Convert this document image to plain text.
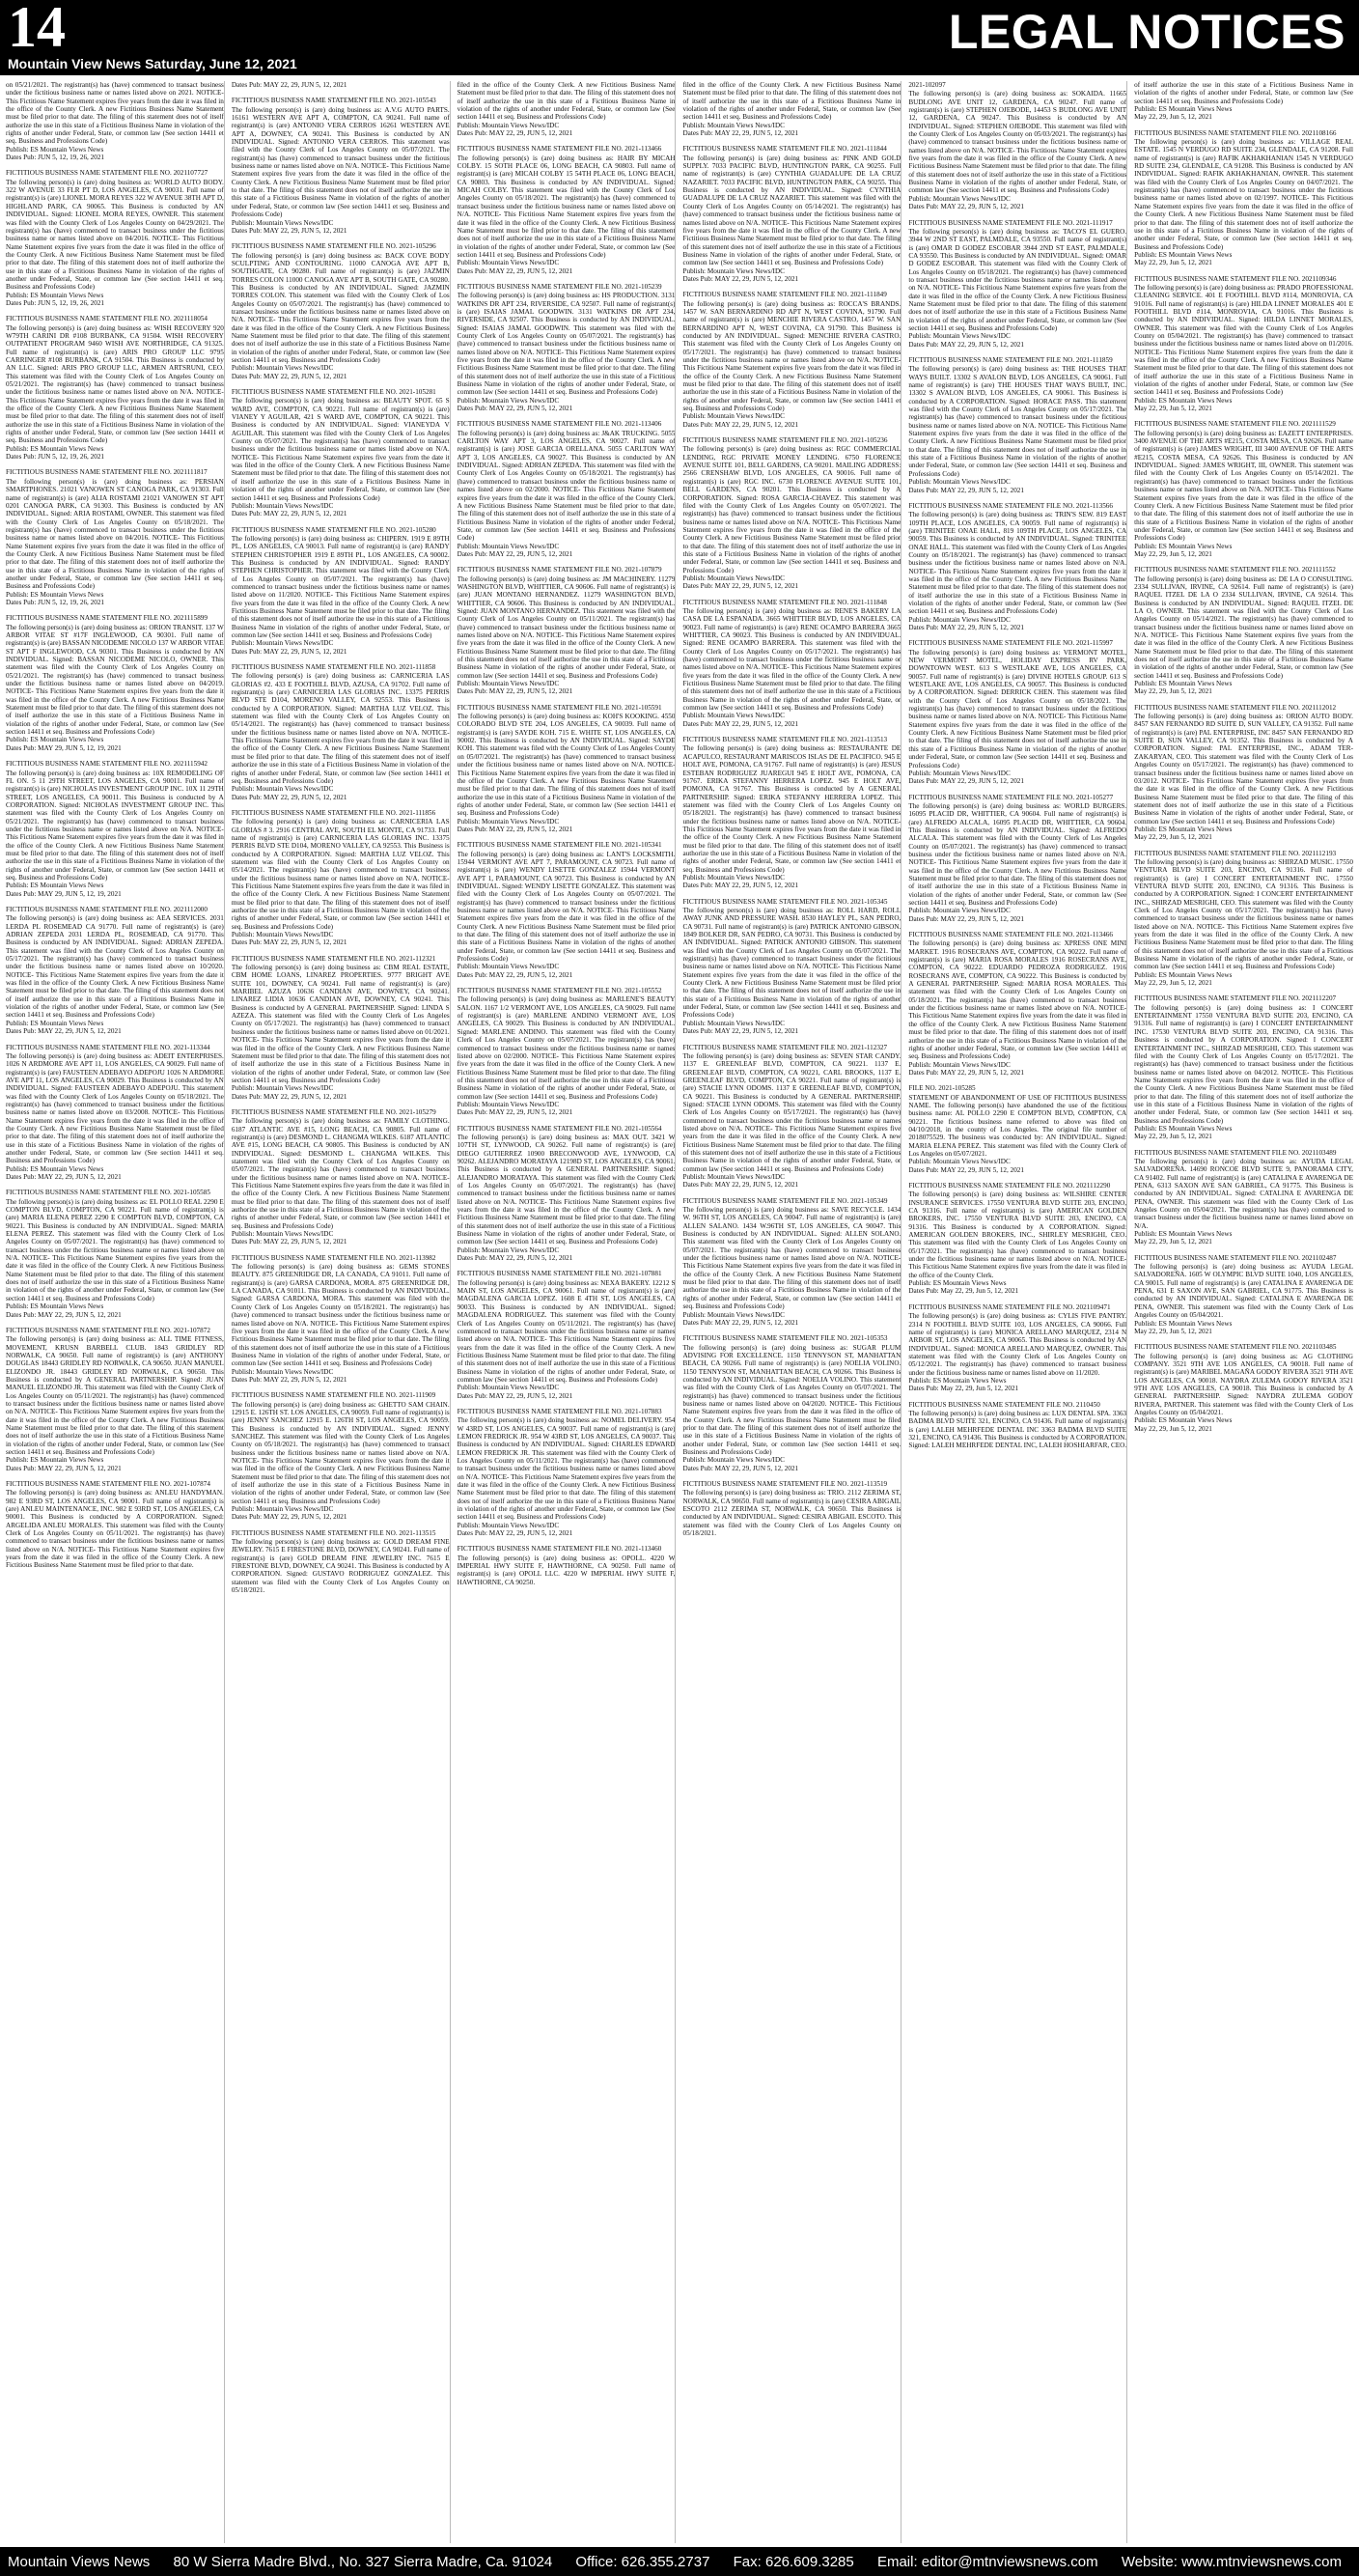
14	LEGAL NOTICES
Mountain View News Saturday, June 12, 2021
on 05/21/2021. The registrant(s) has (have) commenced to transact business under the fictitious business name or names listed above on 2021. NOTICE- This Fictitious Name Statement expires five years from the date it was filed in the office of the County Clerk. A new Fictitious Business Name Statement must be filed prior to that date. The filing of this statement does not of itself authorize the use in this state of a Fictitious Business Name in violation of the rights of another under Federal, State, or common law (See section 14411 et seq. Business and Professions Code)
Publish: ES Mountain Views News
Dates Pub: JUN 5, 12, 19, 26, 2021
FICTITIOUS BUSINESS NAME STATEMENT FILE NO. 2021107727
The following person(s) is (are) doing business as: WORLD AUTO BODY. 322 W AVENUE 33 FLR PT D, LOS ANGELES, CA 90031. Full name of registrant(s) is (are) LIONEL MORA REYES 322 W AVENUE 38TH APT D, HIGHLAND PARK, CA 90065. This Business is conducted by AN INDIVIDUAL. Signed: LIONEL MORA REYES, OWNER. This statement was filed with the County Clerk of Los Angeles County on 04/29/2021. The registrant(s) has (have) commenced to transact business under the fictitious business name or names listed above on 04/2016. NOTICE- This Fictitious Name Statement expires five years from the date it was filed in the office of the County Clerk. A new Fictitious Business Name Statement must be filed prior to that date. The filing of this statement does not of itself authorize the use in this state of a Fictitious Business Name in violation of the rights of another under Federal, State, or common law (See section 14411 et seq. Business and Professions Code)
Publish: ES Mountain Views News
Dates Pub: JUN 5, 12, 19, 26, 2021
FICTITIOUS BUSINESS NAME STATEMENT FILE NO. 2021118054
The following person(s) is (are) doing business as: WISH RECOVERY 920 W79TH CARINI DR #108 BURBANK, CA 91504. WISH RECOVERY OUTPATIENT PROGRAM 9460 WISH AVE NORTHRIDGE, CA 91325. Full name of registrant(s) is (are) ARIS PRO GROUP LLC 9795 CARRINGER #108 BURBANK, CA 91504. This Business is conducted by AN LLC. Signed: ARIS PRO GROUP LLC, ARMEN ARTSRUNI, CEO. This statement was filed with the County Clerk of Los Angeles County on 05/21/2021. The registrant(s) has (have) commenced to transact business under the fictitious business name or names listed above on N/A. NOTICE- This Fictitious Name Statement expires five years from the date it was filed in the office of the County Clerk. A new Fictitious Business Name Statement must be filed prior to that date. The filing of this statement does not of itself authorize the use in this state of a Fictitious Business Name in violation of the rights of another under Federal, State, or common law (See section 14411 et seq. Business and Professions Code)
Publish: ES Mountain Views News
Dates Pub: JUN 5, 12, 19, 26, 2021
FICTITIOUS BUSINESS NAME STATEMENT FILE NO. 2021111817
The following person(s) is (are) doing business as: PERSIAN SMARTPHONES. 21021 VANOWEN ST CANOGA PARK, CA 91303. Full name of registrant(s) is (are) ALIA ROSTAMI 21021 VANOWEN ST APT 0201 CANOGA PARK, CA 91303. This Business is conducted by AN INDIVIDUAL. Signed: ARIA ROSTAMI, OWNER. This statement was filed with the County Clerk of Los Angeles County on 05/18/2021. The registrant(s) has (have) commenced to transact business under the fictitious business name or names listed above on 04/2016. NOTICE- This Fictitious Name Statement expires five years from the date it was filed in the office of the County Clerk. A new Fictitious Business Name Statement must be filed prior to that date. The filing of this statement does not of itself authorize the use in this state of a Fictitious Business Name in violation of the rights of another under Federal, State, or common law (See section 14411 et seq. Business and Professions Code)
Publish: ES Mountain Views News
Dates Pub: JUN 5, 12, 19, 26, 2021
FICTITIOUS BUSINESS NAME STATEMENT FILE NO. 2021115899
The following person(s) is (are) doing business as: ORION TRANSIT. 137 W ARBOR VITAE ST #17F INGLEWOOD, CA 90301. Full name of registrant(s) is (are) BASSAN NICODEME NICOLO 137 W ARBOR VITAE ST APT F INGLEWOOD, CA 90301. This Business is conducted by AN INDIVIDUAL. Signed: BASSAN NICODEME NICOLO, OWNER. This statement was filed with the County Clerk of Los Angeles County on 05/21/2021. The registrant(s) has (have) commenced to transact business under the fictitious business name or names listed above on 04/2019. NOTICE- This Fictitious Name Statement expires five years from the date it was filed in the office of the County Clerk. A new Fictitious Business Name Statement must be filed prior to that date. The filing of this statement does not of itself authorize the use in this state of a Fictitious Business Name in violation of the rights of another under Federal, State, or common law (See section 14411 et seq. Business and Professions Code)
Publish: ES Mountain Views News
Dates Pub: MAY 29, JUN 5, 12, 19, 2021
FICTITIOUS BUSINESS NAME STATEMENT FILE NO. 2021115942
The following person(s) is (are) doing business as: 10X REMODELING OF FL ON. 5 11 29TH STREET, LOS ANGELES, CA 90011. Full name of registrant(s) is (are) NICHOLAS INVESTMENT GROUP INC. 10X 11 29TH STREET, LOS ANGELES, CA 90011. This Business is conducted by A CORPORATION. Signed: NICHOLAS INVESTMENT GROUP INC. This statement was filed with the County Clerk of Los Angeles County on 05/21/2021. The registrant(s) has (have) commenced to transact business under the fictitious business name or names listed above on N/A. NOTICE- This Fictitious Name Statement expires five years from the date it was filed in the office of the County Clerk. A new Fictitious Business Name Statement must be filed prior to that date. The filing of this statement does not of itself authorize the use in this state of a Fictitious Business Name in violation of the rights of another under Federal, State, or common law (See section 14411 et seq. Business and Professions Code)
Publish: ES Mountain Views News
Dates Pub: MAY 29, JUN 5, 12, 19, 2021
FICTITIOUS BUSINESS NAME STATEMENT FILE NO. 2021112000
The following person(s) is (are) doing business as: AEA SERVICES. 2031 LERDA PL ROSEMEAD CA 91770. Full name of registrant(s) is (are) ADRIAN ZEPEDA 2031 LERDA PL, ROSEMEAD, CA 91770. This Business is conducted by AN INDIVIDUAL. Signed: ADRIAN ZEPEDA. This statement was filed with the County Clerk of Los Angeles County on 05/17/2021. The registrant(s) has (have) commenced to transact business under the fictitious business name or names listed above on 10/2020. NOTICE- This Fictitious Name Statement expires five years from the date it was filed in the office of the County Clerk. A new Fictitious Business Name Statement must be filed prior to that date. The filing of this statement does not of itself authorize the use in this state of a Fictitious Business Name in violation of the rights of another under Federal, State, or common law (See section 14411 et seq. Business and Professions Code)
Publish: ES Mountain Views News
Dates Pub: MAY 22, 29, JUN 5, 12, 2021
FICTITIOUS BUSINESS NAME STATEMENT FILE NO. 2021-113344
The following person(s) is (are) doing business as: ADEIT ENTERPRISES. 1026 N ARDMORE AVE APT 11, LOS ANGELES, CA 90029. Full name of registrant(s) is (are) FAUSTEEN ADEBAYO ADEPOJU 1026 N ARDMORE AVE APT 11, LOS ANGELES, CA 90029. This Business is conducted by AN INDIVIDUAL. Signed: FAUSTEEN ADEBAYO ADEPOJU. This statement was filed with the County Clerk of Los Angeles County on 05/18/2021. The registrant(s) has (have) commenced to transact business under the fictitious business name or names listed above on 03/2008. NOTICE- This Fictitious Name Statement expires five years from the date it was filed in the office of the County Clerk. A new Fictitious Business Name Statement must be filed prior to that date. The filing of this statement does not of itself authorize the use in this state of a Fictitious Business Name in violation of the rights of another under Federal, State, or common law (See section 14411 et seq. Business and Professions Code)
Publish: ES Mountain Views News
Dates Pub: MAY 22, 29, JUN 5, 12, 2021
FICTITIOUS BUSINESS NAME STATEMENT FILE NO. 2021-105585
The following person(s) is (are) doing business as: EL POLLO REAL 2290 E COMPTON BLVD, COMPTON, CA 90221. Full name of registrant(s) is (are) MARIA ELENA PEREZ 2290 E COMPTON BLVD, COMPTON, CA 90221. This Business is conducted by AN INDIVIDUAL. Signed: MARIA ELENA PEREZ. This statement was filed with the County Clerk of Los Angeles County on 05/07/2021. The registrant(s) has (have) commenced to transact business under the fictitious business name or names listed above on N/A. NOTICE- This Fictitious Name Statement expires five years from the date it was filed in the office of the County Clerk. A new Fictitious Business Name Statement must be filed prior to that date. The filing of this statement does not of itself authorize the use in this state of a Fictitious Business Name in violation of the rights of another under Federal, State, or common law (See section 14411 et seq. Business and Professions Code)
Publish: ES Mountain Views News
Dates Pub: MAY 22, 29, JUN 5, 12, 2021
FICTITIOUS BUSINESS NAME STATEMENT FILE NO. 2021-107872
The following person(s) is (are) doing business as: ALL TIME FITNESS, MOVEMENT, KRUSN BARBELL CLUB. 1843 GRIDLEY RD NORWALK, CA 90650. Full name of registrant(s) is (are) ANTHONY DOUGLAS 18443 GRIDLEY RD NORWALK, CA 90650. JUAN MANUEL ELIZONDO JR. 18443 GRIDLEY RD NORWALK, CA 90650. This Business is conducted by A GENERAL PARTNERSHIP. Signed: JUAN MANUEL ELIZONDO JR. This statement was filed with the County Clerk of Los Angeles County on 05/11/2021. The registrant(s) has (have) commenced to transact business under the fictitious business name or names listed above on N/A. NOTICE- This Fictitious Name Statement expires five years from the date it was filed in the office of the County Clerk. A new Fictitious Business Name Statement must be filed prior to that date. The filing of this statement does not of itself authorize the use in this state of a Fictitious Business Name in violation of the rights of another under Federal, State, or common law (See section 14411 et seq. Business and Professions Code)
Publish: ES Mountain Views News
Dates Pub: MAY 22, 29, JUN 5, 12, 2021
FICTITIOUS BUSINESS NAME STATEMENT FILE NO. 2021-107874
The following person(s) is (are) doing business as: ANLEU HANDYMAN. 982 E 93RD ST, LOS ANGELES, CA 90001. Full name of registrant(s) is (are) ANLEU MAINTENANCE, INC. 982 E 93RD ST, LOS ANGELES, CA 90001. This Business is conducted by A CORPORATION. Signed: ARGELIDA ANLEU MORALES. This statement was filed with the County Clerk of Los Angeles County on 05/11/2021. The registrant(s) has (have) commenced to transact business under the fictitious business name or names listed above on N/A. NOTICE- This Fictitious Name Statement expires five years from the date it was filed in the office of the County Clerk. A new Fictitious Business Name Statement must be filed prior to that date.
Dates Pub: MAY 22, 29, JUN 5, 12, 2021
FICTITIOUS BUSINESS NAME STATEMENT FILE NO. 2021-105543
The following person(s) is (are) doing business as: A.V.G AUTO PARTS. 16161 WESTERN AVE APT A, COMPTON, CA 90241. Full name of registrant(s) is (are) ANTONIO VERA CERROS 16261 WESTERN AVE APT A, DOWNEY, CA 90241. This Business is conducted by AN INDIVIDUAL. Signed: ANTONIO VERA CERROS. This statement was filed with the County Clerk of Los Angeles County on 05/07/2021. The registrant(s) has (have) commenced to transact business under the fictitious business name or names listed above on N/A. NOTICE- This Fictitious Name Statement expires five years from the date it was filed in the office of the County Clerk. A new Fictitious Business Name Statement must be filed prior to that date. The filing of this statement does not of itself authorize the use in this state of a Fictitious Business Name in violation of the rights of another under Federal, State, or common law (See section 14411 et seq. Business and Professions Code)
Publish: Mountain Views News/IDC
Dates Pub: MAY 22, 29, JUN 5, 12, 2021
FICTITIOUS BUSINESS NAME STATEMENT FILE NO. 2021-105296
The following person(s) is (are) doing business as: BACK COVE BODY SCULPTING AND CONTOURING. 11000 CANOGA AVE APT B, SOUTHGATE, CA 90280. Full name of registrant(s) is (are) JAZMIN TORRES COLON 11000 CANOGA AVE APT B, SOUTH GATE, CA 90280. This Business is conducted by AN INDIVIDUAL. Signed: JAZMIN TORRES COLON. This statement was filed with the County Clerk of Los Angeles County on 05/07/2021. The registrant(s) has (have) commenced to transact business under the fictitious business name or names listed above on N/A. NOTICE- This Fictitious Name Statement expires five years from the date it was filed in the office of the County Clerk. A new Fictitious Business Name Statement must be filed prior to that date. The filing of this statement does not of itself authorize the use in this state of a Fictitious Business Name in violation of the rights of another under Federal, State, or common law (See section 14411 et seq. Business and Professions Code)
Publish: Mountain Views News/IDC
Dates Pub: MAY 22, 29, JUN 5, 12, 2021
FICTITIOUS BUSINESS NAME STATEMENT FILE NO. 2021-105281
The following person(s) is (are) doing business as: BEAUTY SPOT. 65 S WARD AVE, COMPTON, CA 90221. Full name of registrant(s) is (are) VIANEY Y AGUILAR, 421 S WARD AVE, COMPTON, CA 90221. This Business is conducted by AN INDIVIDUAL. Signed: VIANEYDA V AGUILAR. This statement was filed with the County Clerk of Los Angeles County on 05/07/2021. The registrant(s) has (have) commenced to transact business under the fictitious business name or names listed above on N/A. NOTICE- This Fictitious Name Statement expires five years from the date it was filed in the office of the County Clerk. A new Fictitious Business Name Statement must be filed prior to that date. The filing of this statement does not of itself authorize the use in this state of a Fictitious Business Name in violation of the rights of another under Federal, State, or common law (See section 14411 et seq. Business and Professions Code)
Publish: Mountain Views News/IDC
Dates Pub: MAY 22, 29, JUN 5, 12, 2021
FICTITIOUS BUSINESS NAME STATEMENT FILE NO. 2021-105280
The following person(s) is (are) doing business as: CHIPERN. 1919 E 89TH PL, LOS ANGELES, CA 90013. Full name of registrant(s) is (are) RANDY STEPHEN CHRISTOPHER 1919 E 89TH PL, LOS ANGELES, CA 90002. This Business is conducted by AN INDIVIDUAL. Signed: RANDY STEPHEN CHRISTOPHER. This statement was filed with the County Clerk of Los Angeles County on 05/07/2021. The registrant(s) has (have) commenced to transact business under the fictitious business name or names listed above on 11/2020. NOTICE- This Fictitious Name Statement expires five years from the date it was filed in the office of the County Clerk. A new Fictitious Business Name Statement must be filed prior to that date. The filing of this statement does not of itself authorize the use in this state of a Fictitious Business Name in violation of the rights of another under Federal, State, or common law (See section 14411 et seq. Business and Professions Code)
Publish: Mountain Views News/IDC
Dates Pub: MAY 22, 29, JUN 5, 12, 2021
FICTITIOUS BUSINESS NAME STATEMENT FILE NO. 2021-111858
The following person(s) is (are) doing business as: CARNICERIA LAS GLORIAS #2. 433 E FOOTHILL BLVD, AZUSA, CA 91702. Full name of registrant(s) is (are) CARNICERIA LAS GLORIAS INC. 13375 PERRIS BLVD STE D104, MORENO VALLEY, CA 92553. This Business is conducted by A CORPORATION. Signed: MARTHA LUZ VELOZ. This statement was filed with the County Clerk of Los Angeles County on 05/14/2021. The registrant(s) has (have) commenced to transact business under the fictitious business name or names listed above on N/A. NOTICE- This Fictitious Name Statement expires five years from the date it was filed in the office of the County Clerk. A new Fictitious Business Name Statement must be filed prior to that date. The filing of this statement does not of itself authorize the use in this state of a Fictitious Business Name in violation of the rights of another under Federal, State, or common law (See section 14411 et seq. Business and Professions Code)
Publish: Mountain Views News/IDC
Dates Pub: MAY 22, 29, JUN 5, 12, 2021
FICTITIOUS BUSINESS NAME STATEMENT FILE NO. 2021-111856
The following person(s) is (are) doing business as: CARNICERIA LAS GLORIAS # 3. 2916 CENTRAL AVE, SOUTH EL MONTE, CA 91733. Full name of registrant(s) is (are) CARNICERIA LAS GLORIAS INC. 13375 PERRIS BLVD STE D104, MORENO VALLEY, CA 92553. This Business is conducted by A CORPORATION. Signed: MARTHA LUZ VELOZ. This statement was filed with the County Clerk of Los Angeles County on 05/14/2021. The registrant(s) has (have) commenced to transact business under the fictitious business name or names listed above on N/A. NOTICE- This Fictitious Name Statement expires five years from the date it was filed in the office of the County Clerk. A new Fictitious Business Name Statement must be filed prior to that date. The filing of this statement does not of itself authorize the use in this state of a Fictitious Business Name in violation of the rights of another under Federal, State, or common law (See section 14411 et seq. Business and Professions Code)
Publish: Mountain Views News/IDC
Dates Pub: MAY 22, 29, JUN 5, 12, 2021
FICTITIOUS BUSINESS NAME STATEMENT FILE NO. 2021-112321
The following person(s) is (are) doing business as: CBM REAL ESTATE, CBM HOME LOANS, LINAREZ PROPERTIES. 9777 BRIGHT AVE SUITE 101, DOWNEY, CA 90241. Full name of registrant(s) is (are) MARIBEL AZUZA 10636 CANDIAN AVE, DOWNEY, CA 90241. LINAREZ LIDIA 10636 CANDIAN AVE, DOWNEY, CA 90241. This Business is conducted by A GENERAL PARTNERSHIP. Signed: LINDA S AZEZA. This statement was filed with the County Clerk of Los Angeles County on 05/17/2021. The registrant(s) has (have) commenced to transact business under the fictitious business name or names listed above on 01/2021. NOTICE- This Fictitious Name Statement expires five years from the date it was filed in the office of the County Clerk. A new Fictitious Business Name Statement must be filed prior to that date. The filing of this statement does not of itself authorize the use in this state of a Fictitious Business Name in violation of the rights of another under Federal, State, or common law (See section 14411 et seq. Business and Professions Code)
Publish: Mountain Views News/IDC
Dates Pub: MAY 22, 29, JUN 5, 12, 2021
FICTITIOUS BUSINESS NAME STATEMENT FILE NO. 2021-105279
The following person(s) is (are) doing business as: FAMILY CLOTHING. 6187 ATLANTIC AVE #15, LONG BEACH, CA 90805. Full name of registrant(s) is (are) DESMOND L. CHANGMA WILKES. 6187 ATLANTIC AVE #15, LONG BEACH, CA 90805. This Business is conducted by AN INDIVIDUAL. Signed: DESMOND L. CHANGMA WILKES. This statement was filed with the County Clerk of Los Angeles County on 05/07/2021. The registrant(s) has (have) commenced to transact business under the fictitious business name or names listed above on N/A. NOTICE- This Fictitious Name Statement expires five years from the date it was filed in the office of the County Clerk. A new Fictitious Business Name Statement must be filed prior to that date. The filing of this statement does not of itself authorize the use in this state of a Fictitious Business Name in violation of the rights of another under Federal, State, or common law (See section 14411 et seq. Business and Professions Code)
Publish: Mountain Views News/IDC
Dates Pub: MAY 22, 29, JUN 5, 12, 2021
FICTITIOUS BUSINESS NAME STATEMENT FILE NO. 2021-113982
The following person(s) is (are) doing business as: GEMS STONES BEAUTY. 875 GREENRIDGE DR, LA CANADA, CA 91011. Full name of registrant(s) is (are) GARSA CARDONA, MORA. 875 GREENRIDGE DR, LA CANADA, CA 91011. This Business is conducted by AN INDIVIDUAL. Signed: GARSA CARDONA, MORA. This statement was filed with the County Clerk of Los Angeles County on 05/18/2021. The registrant(s) has (have) commenced to transact business under the fictitious business name or names listed above on N/A. NOTICE- This Fictitious Name Statement expires five years from the date it was filed in the office of the County Clerk. A new Fictitious Business Name Statement must be filed prior to that date. The filing of this statement does not of itself authorize the use in this state of a Fictitious Business Name in violation of the rights of another under Federal, State, or common law (See section 14411 et seq. Business and Professions Code)
Publish: Mountain Views News/IDC
Dates Pub: MAY 22, 29, JUN 5, 12, 2021
FICTITIOUS BUSINESS NAME STATEMENT FILE NO. 2021-111909
The following person(s) is (are) doing business as: GHETTO SAM CHAIN. 12915 E. 126TH ST. LOS ANGELES, CA 90059. Full name of registrant(s) is (are) JENNY SANCHEZ 12915 E. 126TH ST, LOS ANGELES, CA 90059. This Business is conducted by AN INDIVIDUAL. Signed: JENNY SANCHEZ. This statement was filed with the County Clerk of Los Angeles County on 05/18/2021. The registrant(s) has (have) commenced to transact business under the fictitious business name or names listed above on N/A. NOTICE- This Fictitious Name Statement expires five years from the date it was filed in the office of the County Clerk. A new Fictitious Business Name Statement must be filed prior to that date. The filing of this statement does not of itself authorize the use in this state of a Fictitious Business Name in violation of the rights of another under Federal, State, or common law (See section 14411 et seq. Business and Professions Code)
Publish: Mountain Views News/IDC
Dates Pub: MAY 22, 29, JUN 5, 12, 2021
FICTITIOUS BUSINESS NAME STATEMENT FILE NO. 2021-113515
The following person(s) is (are) doing business as: GOLD DREAM FINE JEWELRY. 7615 E FIRESTONE BLVD, DOWNEY, CA 90241. Full name of registrant(s) is (are) GOLD DREAM FINE JEWELRY INC. 7615 E FIRESTONE BLVD, DOWNEY, CA 90241. This Business is conducted by A CORPORATION. Signed: GUSTAVO RODRIGUEZ GONZALEZ. This statement was filed with the County Clerk of Los Angeles County on 05/18/2021.
filed in the office of the County Clerk. A new Fictitious Business Name Statement must be filed prior to that date. The filing of this statement does not of itself authorize the use in this state of a Fictitious Business Name in violation of the rights of another under Federal, State, or common law (See section 14411 et seq. Business and Professions Code)
Publish: Mountain Views News/IDC
Dates Pub: MAY 22, 29, JUN 5, 12, 2021
FICTITIOUS BUSINESS NAME STATEMENT FILE NO. 2021-113466
The following person(s) is (are) doing business as: HAIR BY MICAH COLBY. 15 SOTH PLACE 06, LONG BEACH, CA 90803. Full name of registrant(s) is (are) MICAH COLBY 15 54TH PLACE 06, LONG BEACH, CA 90803. This Business is conducted by AN INDIVIDUAL. Signed: MICAH COLBY. This statement was filed with the County Clerk of Los Angeles County on 05/18/2021. The registrant(s) has (have) commenced to transact business under the fictitious business name or names listed above on N/A. NOTICE- This Fictitious Name Statement expires five years from the date it was filed in the office of the County Clerk. A new Fictitious Business Name Statement must be filed prior to that date. The filing of this statement does not of itself authorize the use in this state of a Fictitious Business Name in violation of the rights of another under Federal, State, or common law (See section 14411 et seq. Business and Professions Code)
Publish: Mountain Views News/IDC
Dates Pub: MAY 22, 29, JUN 5, 12, 2021
FICTITIOUS BUSINESS NAME STATEMENT FILE NO. 2021-105239
The following person(s) is (are) doing business as: HS PRODUCTION. 3131 WATKINS DR APT 234, RIVERSIDE, CA 92507. Full name of registrant(s) is (are) ISAIAS JAMAL GOODWIN. 3131 WATKINS DR APT 234, RIVERSIDE, CA 92507. This Business is conducted by AN INDIVIDUAL. Signed: ISAIAS JAMAL GOODWIN. This statement was filed with the County Clerk of Los Angeles County on 05/07/2021. The registrant(s) has (have) commenced to transact business under the fictitious business name or names listed above on N/A. NOTICE- This Fictitious Name Statement expires five years from the date it was filed in the office of the County Clerk. A new Fictitious Business Name Statement must be filed prior to that date. The filing of this statement does not of itself authorize the use in this state of a Fictitious Business Name in violation of the rights of another under Federal, State, or common law (See section 14411 et seq. Business and Professions Code)
Publish: Mountain Views News/IDC
Dates Pub: MAY 22, 29, JUN 5, 12, 2021
FICTITIOUS BUSINESS NAME STATEMENT FILE NO. 2021-113406
The following person(s) is (are) doing business as: J&AK TRUCKING. 5055 CARLTON WAY APT 3, LOS ANGELES, CA 90027. Full name of registrant(s) is (are) JOSE GARCIA ORELLANA. 5055 CARLTON WAY APT 3, LOS ANGELES, CA 90027. This Business is conducted by AN INDIVIDUAL. Signed: ADRIAN ZEPEDA. This statement was filed with the County Clerk of Los Angeles County on 05/18/2021. The registrant(s) has (have) commenced to transact business under the fictitious business name or names listed above on 02/2000. NOTICE- This Fictitious Name Statement expires five years from the date it was filed in the office of the County Clerk. A new Fictitious Business Name Statement must be filed prior to that date. The filing of this statement does not of itself authorize the use in this state of a Fictitious Business Name in violation of the rights of another under Federal, State, or common law (See section 14411 et seq. Business and Professions Code)
Publish: Mountain Views News/IDC
Dates Pub: MAY 22, 29, JUN 5, 12, 2021
FICTITIOUS BUSINESS NAME STATEMENT FILE NO. 2021-107879
The following person(s) is (are) doing business as: JM MACHINERY. 11279 WASHINGTON BLVD, WHITTIER, CA 90606. Full name of registrant(s) is (are) JUAN MONTANO HERNANDEZ. 11279 WASHINGTON BLVD, WHITTIER, CA 90606. This Business is conducted by AN INDIVIDUAL. Signed: JUAN MONTANO HERNANDEZ. This statement was filed with the County Clerk of Los Angeles County on 05/11/2021. The registrant(s) has (have) commenced to transact business under the fictitious business name or names listed above on N/A. NOTICE- This Fictitious Name Statement expires five years from the date it was filed in the office of the County Clerk. A new Fictitious Business Name Statement must be filed prior to that date. The filing of this statement does not of itself authorize the use in this state of a Fictitious Business Name in violation of the rights of another under Federal, State, or common law (See section 14411 et seq. Business and Professions Code)
Publish: Mountain Views News/IDC
Dates Pub: MAY 22, 29, JUN 5, 12, 2021
FICTITIOUS BUSINESS NAME STATEMENT FILE NO. 2021-105591
The following person(s) is (are) doing business as: KOH'S KOOKING. 4550 COLORADO BLVD STE 204, LOS ANGELES, CA 90039. Full name of registrant(s) is (are) SAYDE KOH. 715 E. WHITE ST, LOS ANGELES, CA 90002. This Business is conducted by AN INDIVIDUAL. Signed: SAYDE KOH. This statement was filed with the County Clerk of Los Angeles County on 05/07/2021. The registrant(s) has (have) commenced to transact business under the fictitious business name or names listed above on N/A. NOTICE- This Fictitious Name Statement expires five years from the date it was filed in the office of the County Clerk. A new Fictitious Business Name Statement must be filed prior to that date. The filing of this statement does not of itself authorize the use in this state of a Fictitious Business Name in violation of the rights of another under Federal, State, or common law (See section 14411 et seq. Business and Professions Code)
Publish: Mountain Views News/IDC
Dates Pub: MAY 22, 29, JUN 5, 12, 2021
FICTITIOUS BUSINESS NAME STATEMENT FILE NO. 2021-105341
The following person(s) is (are) doing business as: LANT'S LOCKSMITH. 15944 VERMONT AVE APT 7, PARAMOUNT, CA 90723. Full name of registrant(s) is (are) WENDY LISETTE GONZALEZ 15944 VERMONT AVE APT 1, PARAMOUNT, CA 90723. This Business is conducted by AN INDIVIDUAL. Signed: WENDY LISETTE GONZALEZ. This statement was filed with the County Clerk of Los Angeles County on 05/07/2021. The registrant(s) has (have) commenced to transact business under the fictitious business name or names listed above on N/A. NOTICE- This Fictitious Name Statement expires five years from the date it was filed in the office of the County Clerk. A new Fictitious Business Name Statement must be filed prior to that date. The filing of this statement does not of itself authorize the use in this state of a Fictitious Business Name in violation of the rights of another under Federal, State, or common law (See section 14411 et seq. Business and Professions Code)
Publish: Mountain Views News/IDC
Dates Pub: MAY 22, 29, JUN 5, 12, 2021
FICTITIOUS BUSINESS NAME STATEMENT FILE NO. 2021-105552
The following person(s) is (are) doing business as: MARLENE'S BEAUTY SALON. 1167 1/2 VERMONT AVE, LOS ANGELES, CA 90029. Full name of registrant(s) is (are) MARLENE ANDINO VERMONT AVE, LOS ANGELES, CA 90029. This Business is conducted by AN INDIVIDUAL. Signed: MARLENE ANDINO. This statement was filed with the County Clerk of Los Angeles County on 05/07/2021. The registrant(s) has (have) commenced to transact business under the fictitious business name or names listed above on 02/2000. NOTICE- This Fictitious Name Statement expires five years from the date it was filed in the office of the County Clerk. A new Fictitious Business Name Statement must be filed prior to that date. The filing of this statement does not of itself authorize the use in this state of a Fictitious Business Name in violation of the rights of another under Federal, State, or common law (See section 14411 et seq. Business and Professions Code)
Publish: Mountain Views News/IDC
Dates Pub: MAY 22, 29, JUN 5, 12, 2021
FICTITIOUS BUSINESS NAME STATEMENT FILE NO. 2021-105564
The following person(s) is (are) doing business as: MAX OUT. 3421 W 107TH ST, LYNWOOD, CA 90262. Full name of registrant(s) is (are) DIEGO GUTIERREZ 10900 BRECONWOOD AVE, LYNWOOD, CA 90262. ALEJANDRO MORATAYA 12198D ST, LOS ANGELES, CA 90061. This Business is conducted by A GENERAL PARTNERSHIP. Signed: ALEJANDRO MORATAYA. This statement was filed with the County Clerk of Los Angeles County on 05/07/2021. The registrant(s) has (have) commenced to transact business under the fictitious business name or names listed above on N/A. NOTICE- This Fictitious Name Statement expires five years from the date it was filed in the office of the County Clerk. A new Fictitious Business Name Statement must be filed prior to that date. The filing of this statement does not of itself authorize the use in this state of a Fictitious Business Name in violation of the rights of another under Federal, State, or common law (See section 14411 et seq. Business and Professions Code)
Publish: Mountain Views News/IDC
Dates Pub: MAY 22, 29, JUN 5, 12, 2021
FICTITIOUS BUSINESS NAME STATEMENT FILE NO. 2021-107881
The following person(s) is (are) doing business as: NEXA BAKERY. 12212 S MAIN ST, LOS ANGELES, CA 90061. Full name of registrant(s) is (are) MAGDALENA GARCIA LOPEZ. 1608 E 4TH ST, LOS ANGELES, CA 90033. This Business is conducted by AN INDIVIDUAL. Signed: MAGDALENA RODRIGUEZ. This statement was filed with the County Clerk of Los Angeles County on 05/11/2021. The registrant(s) has (have) commenced to transact business under the fictitious business name or names listed above on N/A. NOTICE- This Fictitious Name Statement expires five years from the date it was filed in the office of the County Clerk. A new Fictitious Business Name Statement must be filed prior to that date. The filing of this statement does not of itself authorize the use in this state of a Fictitious Business Name in violation of the rights of another under Federal, State, or common law (See section 14411 et seq. Business and Professions Code)
Publish: Mountain Views News/IDC
Dates Pub: MAY 22, 29, JUN 5, 12, 2021
FICTITIOUS BUSINESS NAME STATEMENT FILE NO. 2021-107883
The following person(s) is (are) doing business as: NOMEL DELIVERY. 954 W 43RD ST, LOS ANGELES, CA 90037. Full name of registrant(s) is (are) LEMON FREDRICK JR. 954 W 43RD ST, LOS ANGELES, CA 90037. This Business is conducted by AN INDIVIDUAL. Signed: CHARLES EDWARD LEMON FREDRICK JR. This statement was filed with the County Clerk of Los Angeles County on 05/11/2021. The registrant(s) has (have) commenced to transact business under the fictitious business name or names listed above on N/A. NOTICE- This Fictitious Name Statement expires five years from the date it was filed in the office of the County Clerk. A new Fictitious Business Name Statement must be filed prior to that date. The filing of this statement does not of itself authorize the use in this state of a Fictitious Business Name in violation of the rights of another under Federal, State, or common law (See section 14411 et seq. Business and Professions Code)
Publish: Mountain Views News/IDC
Dates Pub: MAY 22, 29, JUN 5, 12, 2021
FICTITIOUS BUSINESS NAME STATEMENT FILE NO. 2021-113460
The following person(s) is (are) doing business as: OPOLL. 4220 W IMPERIAL HWY SUITE F, HAWTHORNE, CA 90250. Full name of registrant(s) is (are) OPOLL LLC. 4220 W IMPERIAL HWY SUITE F, HAWTHORNE, CA 90250.
filed in the office of the County Clerk. A new Fictitious Business Name Statement must be filed prior to that date. The filing of this statement does not of itself authorize the use in this state of a Fictitious Business Name in violation of the rights of another under Federal, State, or common law (See section 14411 et seq. Business and Professions Code)
Publish: Mountain Views News/IDC
Dates Pub: MAY 22, 29, JUN 5, 12, 2021
FICTITIOUS BUSINESS NAME STATEMENT FILE NO. 2021-111844
The following person(s) is (are) doing business as: PINK AND GOLD SUPPLY. 7033 PACIFIC BLVD, HUNTINGTON PARK, CA 90255. Full name of registrant(s) is (are) CYNTHIA GUADALUPE DE LA CRUZ NAZARIET. 7033 PACIFIC BLVD, HUNTINGTON PARK, CA 90255. This Business is conducted by AN INDIVIDUAL. Signed: CYNTHIA GUADALUPE DE LA CRUZ NAZARIET. This statement was filed with the County Clerk of Los Angeles County on 05/14/2021. The registrant(s) has (have) commenced to transact business under the fictitious business name or names listed above on N/A. NOTICE- This Fictitious Name Statement expires five years from the date it was filed in the office of the County Clerk. A new Fictitious Business Name Statement must be filed prior to that date. The filing of this statement does not of itself authorize the use in this state of a Fictitious Business Name in violation of the rights of another under Federal, State, or common law (See section 14411 et seq. Business and Professions Code)
Publish: Mountain Views News/IDC
Dates Pub: MAY 22, 29, JUN 5, 12, 2021
FICTITIOUS BUSINESS NAME STATEMENT FILE NO. 2021-111849
The following person(s) is (are) doing business as: ROCCA'S BRANDS. 1457 W. SAN BERNARDINO RD APT N, WEST COVINA, 91790. Full name of registrant(s) is (are) MENCHIE RIVERA CASTRO, 1457 W. SAN BERNARDINO APT N, WEST COVINA, CA 91790. This Business is conducted by AN INDIVIDUAL. Signed: MENCHIE RIVERA CASTRO. This statement was filed with the County Clerk of Los Angeles County on 05/17/2021. The registrant(s) has (have) commenced to transact business under the fictitious business name or names listed above on N/A. NOTICE- This Fictitious Name Statement expires five years from the date it was filed in the office of the County Clerk. A new Fictitious Business Name Statement must be filed prior to that date. The filing of this statement does not of itself authorize the use in this state of a Fictitious Business Name in violation of the rights of another under Federal, State, or common law (See section 14411 et seq. Business and Professions Code)
Publish: Mountain Views News/IDC
Dates Pub: MAY 22, 29, JUN 5, 12, 2021
FICTITIOUS BUSINESS NAME STATEMENT FILE NO. 2021-105236
The following person(s) is (are) doing business as: RGC COMMERCIAL LENDING, RGC PRIVATE MONEY LENDING. 6750 FLORENCE AVENUE SUITE 101, BELL GARDENS, CA 90201. MAILING ADDRESS: 2566 CRENSHAW BLVD, LOS ANGELES, CA 90016. Full name of registrant(s) is (are) RGC INC. 6730 FLORENCE AVENUE SUITE 101, BELL GARDENS, CA 90201. This Business is conducted by A CORPORATION. Signed: ROSA GARCIA-CHAVEZ. This statement was filed with the County Clerk of Los Angeles County on 05/07/2021. The registrant(s) has (have) commenced to transact business under the fictitious business name or names listed above on N/A. NOTICE- This Fictitious Name Statement expires five years from the date it was filed in the office of the County Clerk. A new Fictitious Business Name Statement must be filed prior to that date. The filing of this statement does not of itself authorize the use in this state of a Fictitious Business Name in violation of the rights of another under Federal, State, or common law (See section 14411 et seq. Business and Professions Code)
Publish: Mountain Views News/IDC
Dates Pub: MAY 22, 29, JUN 5, 12, 2021
FICTITIOUS BUSINESS NAME STATEMENT FILE NO. 2021-111848
The following person(s) is (are) doing business as: RENE'S BAKERY LA CASA DE LA ESPANADA. 3665 WHITTIER BLVD, LOS ANGELES, CA 90023. Full name of registrant(s) is (are) RENE OCAMPO BARRERA 3665 WHITTIER, CA 90023. This Business is conducted by AN INDIVIDUAL. Signed: RENE OCAMPO BARRERA. This statement was filed with the County Clerk of Los Angeles County on 05/17/2021. The registrant(s) has (have) commenced to transact business under the fictitious business name or names listed above on N/A. NOTICE- This Fictitious Name Statement expires five years from the date it was filed in the office of the County Clerk. A new Fictitious Business Name Statement must be filed prior to that date. The filing of this statement does not of itself authorize the use in this state of a Fictitious Business Name in violation of the rights of another under Federal, State, or common law (See section 14411 et seq. Business and Professions Code)
Publish: Mountain Views News/IDC
Dates Pub: MAY 22, 29, JUN 5, 12, 2021
FICTITIOUS BUSINESS NAME STATEMENT FILE NO. 2021-113513
The following person(s) is (are) doing business as: RESTAURANTE DE ACAPULCO, RESTAURANT MARISCOS ISLAS DE EL PACIFICO. 945 E HOLT AVE, POMONA, CA 91767. Full name of registrant(s) is (are) JESUS ESTEBAN RODRIGUEZ JUAREGUI 945 E HOLT AVE, POMONA, CA 91767. ERIKA STEFANNY HERRERA LOPEZ. 945 E HOLT AVE, POMONA, CA 91767. This Business is conducted by A GENERAL PARTNERSHIP. Signed: ERIKA STEFANNY HERRERA LOPEZ. This statement was filed with the County Clerk of Los Angeles County on 05/18/2021. The registrant(s) has (have) commenced to transact business under the fictitious business name or names listed above on N/A. NOTICE- This Fictitious Name Statement expires five years from the date it was filed in the office of the County Clerk. A new Fictitious Business Name Statement must be filed prior to that date. The filing of this statement does not of itself authorize the use in this state of a Fictitious Business Name in violation of the rights of another under Federal, State, or common law (See section 14411 et seq. Business and Professions Code)
Publish: Mountain Views News/IDC
Dates Pub: MAY 22, 29, JUN 5, 12, 2021
FICTITIOUS BUSINESS NAME STATEMENT FILE NO. 2021-105345
The following person(s) is (are) doing business as: ROLL HARD, ROLL AWAY JUNK AND PRESSURE WASH. 8530 HAYLEY PL, SAN PEDRO, CA 90731. Full name of registrant(s) is (are) PATRICK ANTONIO GIBSON. 1849 BOLKER DR, SAN PEDRO, CA 90731. This Business is conducted by AN INDIVIDUAL. Signed: PATRICK ANTONIO GIBSON. This statement was filed with the County Clerk of Los Angeles County on 05/07/2021. The registrant(s) has (have) commenced to transact business under the fictitious business name or names listed above on N/A. NOTICE- This Fictitious Name Statement expires five years from the date it was filed in the office of the County Clerk. A new Fictitious Business Name Statement must be filed prior to that date. The filing of this statement does not of itself authorize the use in this state of a Fictitious Business Name in violation of the rights of another under Federal, State, or common law (See section 14411 et seq. Business and Professions Code)
Publish: Mountain Views News/IDC
Dates Pub: MAY 22, 29, JUN 5, 12, 2021
FICTITIOUS BUSINESS NAME STATEMENT FILE NO. 2021-112327
The following person(s) is (are) doing business as: SEVEN STAR CANDY. 1137 E. GREENLEAF BLVD, COMPTON, CA 90221. 1137 E. GREENLEAF BLVD, COMPTON, CA 90221, CARL BROOKS, 1137 E. GREENLEAF BLVD, COMPTON, CA 90221. Full name of registrant(s) is (are) STACIE LYNN ODOMS. 1137 E GREENLEAF BLVD, COMPTON, CA 90221. This Business is conducted by A GENERAL PARTNERSHIP. Signed: STACIE LYNN ODOMS. This statement was filed with the County Clerk of Los Angeles County on 05/17/2021. The registrant(s) has (have) commenced to transact business under the fictitious business name or names listed above on N/A. NOTICE- This Fictitious Name Statement expires five years from the date it was filed in the office of the County Clerk. A new Fictitious Business Name Statement must be filed prior to that date. The filing of this statement does not of itself authorize the use in this state of a Fictitious Business Name in violation of the rights of another under Federal, State, or common law (See section 14411 et seq. Business and Professions Code)
Publish: Mountain Views News/IDC
Dates Pub: MAY 22, 29, JUN 5, 12, 2021
FICTITIOUS BUSINESS NAME STATEMENT FILE NO. 2021-105349
The following person(s) is (are) doing business as: SAVE RECYCLE. 1434 W. 96TH ST, LOS ANGELES, CA 90047. Full name of registrant(s) is (are) ALLEN SALANO. 1434 W.96TH ST, LOS ANGELES, CA 90047. This Business is conducted by AN INDIVIDUAL. Signed: ALLEN SOLANO. This statement was filed with the County Clerk of Los Angeles County on 05/07/2021. The registrant(s) has (have) commenced to transact business under the fictitious business name or names listed above on N/A. NOTICE- This Fictitious Name Statement expires five years from the date it was filed in the office of the County Clerk. A new Fictitious Business Name Statement must be filed prior to that date. The filing of this statement does not of itself authorize the use in this state of a Fictitious Business Name in violation of the rights of another under Federal, State, or common law (See section 14411 et seq. Business and Professions Code)
Publish: Mountain Views News/IDC
Dates Pub: MAY 22, 29, JUN 5, 12, 2021
FICTITIOUS BUSINESS NAME STATEMENT FILE NO. 2021-105353
The following person(s) is (are) doing business as: SUGAR PLUM ADVISING FOR EXCELLENCE. 1150 TENNYSON ST, MANHATTAN BEACH, CA 90266. Full name of registrant(s) is (are) NOELIA VOLINO. 1150 TENNYSON ST, MANHATTAN BEACH, CA 90266. This Business is conducted by AN INDIVIDUAL. Signed: NOELIA VOLINO. This statement was filed with the County Clerk of Los Angeles County on 05/07/2021. The registrant(s) has (have) commenced to transact business under the fictitious business name or names listed above on 04/2020. NOTICE- This Fictitious Name Statement expires five years from the date it was filed in the office of the County Clerk. A new Fictitious Business Name Statement must be filed prior to that date. The filing of this statement does not of itself authorize the use in this state of a Fictitious Business Name in violation of the rights of another under Federal, State, or common law (See section 14411 et seq. Business and Professions Code)
Publish: Mountain Views News/IDC
Dates Pub: MAY 22, 29, JUN 5, 12, 2021
FICTITIOUS BUSINESS NAME STATEMENT FILE NO. 2021-113519
The following person(s) is (are) doing business as: TRIO. 2112 ZERIMA ST, NORWALK, CA 90650. Full name of registrant(s) is (are) CESIRA ABIGAIL ESCOTO 2112 ZERIMA ST, NORWALK, CA 90650. This Business is conducted by AN INDIVIDUAL. Signed: CESIRA ABIGAIL ESCOTO. This statement was filed with the County Clerk of Los Angeles County on 05/18/2021.
2021-102097
The following person(s) is (are) doing business as: SOKAIDA. 11665 BUDLONG AVE UNIT 12, GARDENA, CA 90247. Full name of registrant(s) is (are) STEPHEN OJEBODE, 14453 S BUDLONG AVE UNIT 12, GARDENA, CA 90247. This Business is conducted by AN INDIVIDUAL. Signed: STEPHEN OJEBODE. This statement was filed with the County Clerk of Los Angeles County on 05/03/2021. The registrant(s) has (have) commenced to transact business under the fictitious business name or names listed above on N/A. NOTICE- This Fictitious Name Statement expires five years from the date it was filed in the office of the County Clerk. A new Fictitious Business Name Statement must be filed prior to that date. The filing of this statement does not of itself authorize the use in this state of a Fictitious Business Name in violation of the rights of another under Federal, State, or common law (See section 14411 et seq. Business and Professions Code)
Publish: Mountain Views News/IDC
Dates Pub: MAY 22, 29, JUN 5, 12, 2021
FICTITIOUS BUSINESS NAME STATEMENT FILE NO. 2021-111917
The following person(s) is (are) doing business as: TACO'S EL GUERO. 3944 W 2ND ST EAST, PALMDALE, CA 93550. Full name of registrant(s) is (are) OMAR D GODEZ ESCOBAR 3944 2ND ST EAST, PALMDALE, CA 93550. This Business is conducted by AN INDIVIDUAL. Signed: OMAR D GODEZ ESCOBAR. This statement was filed with the County Clerk of Los Angeles County on 05/18/2021. The registrant(s) has (have) commenced to transact business under the fictitious business name or names listed above on N/A. NOTICE- This Fictitious Name Statement expires five years from the date it was filed in the office of the County Clerk. A new Fictitious Business Name Statement must be filed prior to that date. The filing of this statement does not of itself authorize the use in this state of a Fictitious Business Name in violation of the rights of another under Federal, State, or common law (See section 14411 et seq. Business and Professions Code)
Publish: Mountain Views News/IDC
Dates Pub: MAY 22, 29, JUN 5, 12, 2021
FICTITIOUS BUSINESS NAME STATEMENT FILE NO. 2021-111859
The following person(s) is (are) doing business as: THE HOUSES THAT WAYS BUILT. 13302 S AVALON BLVD, LOS ANGELES, CA 90061. Full name of registrant(s) is (are) THE HOUSES THAT WAYS BUILT, INC. 13302 S AVALON BLVD, LOS ANGELES, CA 90061. This Business is conducted by A CORPORATION. Signed: HORACE PASS. This statement was filed with the County Clerk of Los Angeles County on 05/17/2021. The registrant(s) has (have) commenced to transact business under the fictitious business name or names listed above on N/A. NOTICE- This Fictitious Name Statement expires five years from the date it was filed in the office of the County Clerk. A new Fictitious Business Name Statement must be filed prior to that date. The filing of this statement does not of itself authorize the use in this state of a Fictitious Business Name in violation of the rights of another under Federal, State, or common law (See section 14411 et seq. Business and Professions Code)
Publish: Mountain Views News/IDC
Dates Pub: MAY 22, 29, JUN 5, 12, 2021
FICTITIOUS BUSINESS NAME STATEMENT FILE NO. 2021-113566
The following person(s) is (are) doing business as: TRIN'S SEW. 819 EAST 109TH PLACE, LOS ANGELES, CA 90059. Full name of registrant(s) is (are) TRINITEE ONAE HALL, 819 109TH PLACE, LOS ANGELES, CA 90059. This Business is conducted by AN INDIVIDUAL. Signed: TRINITEE ONAE HALL. This statement was filed with the County Clerk of Los Angeles County on 05/18/2021. The registrant(s) has (have) commenced to transact business under the fictitious business name or names listed above on N/A. NOTICE- This Fictitious Name Statement expires five years from the date it was filed in the office of the County Clerk. A new Fictitious Business Name Statement must be filed prior to that date. The filing of this statement does not of itself authorize the use in this state of a Fictitious Business Name in violation of the rights of another under Federal, State, or common law (See section 14411 et seq. Business and Professions Code)
Publish: Mountain Views News/IDC
Dates Pub: MAY 22, 29, JUN 5, 12, 2021
FICTITIOUS BUSINESS NAME STATEMENT FILE NO. 2021-115997
The following person(s) is (are) doing business as: VERMONT MOTEL, NEW VERMONT MOTEL, HOLIDAY EXPRESS RV PARK, DOWNTOWN WEST. 613 S WESTLAKE AVE, LOS ANGELES, CA 90057. Full name of registrant(s) is (are) DIVINE HOTELS GROUP. 613 S WESTLAKE AVE, LOS ANGELES, CA 90057. This Business is conducted by A CORPORATION. Signed: DERRICK CHEN. This statement was filed with the County Clerk of Los Angeles County on 05/18/2021. The registrant(s) has (have) commenced to transact business under the fictitious business name or names listed above on N/A. NOTICE- This Fictitious Name Statement expires five years from the date it was filed in the office of the County Clerk. A new Fictitious Business Name Statement must be filed prior to that date. The filing of this statement does not of itself authorize the use in this state of a Fictitious Business Name in violation of the rights of another under Federal, State, or common law (See section 14411 et seq. Business and Professions Code)
Publish: Mountain Views News/IDC
Dates Pub: MAY 22, 29, JUN 5, 12, 2021
FICTITIOUS BUSINESS NAME STATEMENT FILE NO. 2021-105277
The following person(s) is (are) doing business as: WORLD BURGERS. 16095 PLACID DR, WHITTIER, CA 90604. Full name of registrant(s) is (are) ALFREDO ALCALA, 16095 PLACID DR, WHITTIER, CA 90604. This Business is conducted by AN INDIVIDUAL. Signed: ALFREDO ALCALA. This statement was filed with the County Clerk of Los Angeles County on 05/07/2021. The registrant(s) has (have) commenced to transact business under the fictitious business name or names listed above on N/A. NOTICE- This Fictitious Name Statement expires five years from the date it was filed in the office of the County Clerk. A new Fictitious Business Name Statement must be filed prior to that date. The filing of this statement does not of itself authorize the use in this state of a Fictitious Business Name in violation of the rights of another under Federal, State, or common law (See section 14411 et seq. Business and Professions Code)
Publish: Mountain Views News/IDC
Dates Pub: MAY 22, 29, JUN 5, 12, 2021
FICTITIOUS BUSINESS NAME STATEMENT FILE NO. 2021-113466
The following person(s) is (are) doing business as: XPRESS ONE MINI MARKET. 1916 ROSECRANS AVE, COMPTON, CA 90222. Full name of registrant(s) is (are) MARIA ROSA MORALES 1916 ROSECRANS AVE, COMPTON, CA 90222. EDUARDO PEDROZA RODRIGUEZ. 1916 ROSECRANS AVE, COMPTON, CA 90222. This Business is conducted by A GENERAL PARTNERSHIP. Signed: MARIA ROSA MORALES. This statement was filed with the County Clerk of Los Angeles County on 05/18/2021. The registrant(s) has (have) commenced to transact business under the fictitious business name or names listed above on N/A. NOTICE- This Fictitious Name Statement expires five years from the date it was filed in the office of the County Clerk. A new Fictitious Business Name Statement must be filed prior to that date. The filing of this statement does not of itself authorize the use in this state of a Fictitious Business Name in violation of the rights of another under Federal, State, or common law (See section 14411 et seq. Business and Professions Code)
Publish: Mountain Views News/IDC
Dates Pub: MAY 22, 29, JUN 5, 12, 2021
FILE NO. 2021-105285
STATEMENT OF ABANDONMENT OF USE OF FICTITIOUS BUSINESS NAME. The following person(s) have abandoned the use of the fictitious business name: AL POLLO 2290 E COMPTON BLVD, COMPTON, CA 90221. The fictitious business name referred to above was filed on 04/10/2018, in the county of Los Angeles. The original file number of 2018075529. The business was conducted by: AN INDIVIDUAL. Signed: MARIA ELENA PEREZ. This statement was filed with the County Clerk of Los Angeles on 05/07/2021.
Publish: Mountain Views News/IDC
Dates Pub: MAY 22, 29, JUN 5, 12, 2021
FICTITIOUS BUSINESS NAME STATEMENT FILE NO. 2021112290
The following person(s) is (are) doing business as: WILSHIRE CENTER INSURANCE SERVICES. 17550 VENTURA BLVD SUITE 203, ENCINO, CA 91316. Full name of registrant(s) is (are) AMERICAN GOLDEN BROKERS, INC. 17550 VENTURA BLVD SUITE 203, ENCINO, CA 91316. This Business is conducted by A CORPORATION. Signed: AMERICAN GOLDEN BROKERS, INC., SHIRLEY MESRIGHI, CEO. This statement was filed with the County Clerk of Los Angeles County on 05/17/2021. The registrant(s) has (have) commenced to transact business under the fictitious business name or names listed above on N/A. NOTICE- This Fictitious Name Statement expires five years from the date it was filed in the office of the County Clerk.
Publish: ES Mountain Views News
Dates Pub: May 22, 29, Jun 5, 12, 2021
FICTITIOUS BUSINESS NAME STATEMENT FILE NO. 2021109471
The following person(s) is (are) doing business as: CYLIS FIVE PANTRY. 2314 N FOOTHILL BLVD SUITE 103, LOS ANGELES, CA 90066. Full name of registrant(s) is (are) MONICA ARELLANO MARQUEZ, 2314 N ARBOR ST, LOS ANGELES, CA 90065. This Business is conducted by AN INDIVIDUAL. Signed: MONICA ARELLANO MARQUEZ, OWNER. This statement was filed with the County Clerk of Los Angeles County on 05/12/2021. The registrant(s) has (have) commenced to transact business under the fictitious business name or names listed above on 11/2020.
Publish: ES Mountain Views News
Dates Pub: May 22, 29, Jun 5, 12, 2021
FICTITIOUS BUSINESS NAME STATEMENT FILE NO. 2110450
The following person(s) is (are) doing business as: LUX DENTAL SPA. 3363 BADMA BLVD SUITE 321, ENCINO, CA 91436. Full name of registrant(s) is (are) LALEH MEHRFEDE DENTAL INC 3363 BADMA BLVD SUITE 321, ENCINO, CA 91436. This Business is conducted by A CORPORATION. Signed: LALEH MEHRFEDE DENTAL INC, LALEH HOSHIARFAR, CEO.
of itself authorize the use in this state of a Fictitious Business Name in violation of the rights of another under Federal, State, or common law (See section 14411 et seq. Business and Professions Code)
Publish: ES Mountain Views News
May 22, 29, Jun 5, 12, 2021
FICTITIOUS BUSINESS NAME STATEMENT FILE NO. 2021108166
The following person(s) is (are) doing business as: VILLAGE REAL ESTATE. 1545 N VERDUGO RD SUITE 234, GLENDALE, CA 91208. Full name of registrant(s) is (are) RAFIK AKHAKHANIAN 1545 N VERDUGO RD SUITE 234, GLENDALE, CA 91208. This Business is conducted by AN INDIVIDUAL. Signed: RAFIK AKHAKHANIAN, OWNER. This statement was filed with the County Clerk of Los Angeles County on 04/07/2021. The registrant(s) has (have) commenced to transact business under the fictitious business name or names listed above on 02/1997. NOTICE- This Fictitious Name Statement expires five years from the date it was filed in the office of the County Clerk. A new Fictitious Business Name Statement must be filed prior to that date. The filing of this statement does not of itself authorize the use in this state of a Fictitious Business Name in violation of the rights of another under Federal, State, or common law (See section 14411 et seq. Business and Professions Code)
Publish: ES Mountain Views News
May 22, 29, Jun 5, 12, 2021
FICTITIOUS BUSINESS NAME STATEMENT FILE NO. 2021109346
The following person(s) is (are) doing business as: PRADO PROFESSIONAL CLEANING SERVICE. 401 E FOOTHILL BLVD #114, MONROVIA, CA 91016. Full name of registrant(s) is (are) HILDA LINNET MORALES 401 E FOOTHILL BLVD #114, MONROVIA, CA 91016. This Business is conducted by AN INDIVIDUAL. Signed: HILDA LINNET MORALES, OWNER. This statement was filed with the County Clerk of Los Angeles County on 05/04/2021. The registrant(s) has (have) commenced to transact business under the fictitious business name or names listed above on 01/2016. NOTICE- This Fictitious Name Statement expires five years from the date it was filed in the office of the County Clerk. A new Fictitious Business Name Statement must be filed prior to that date. The filing of this statement does not of itself authorize the use in this state of a Fictitious Business Name in violation of the rights of another under Federal, State, or common law (See section 14411 et seq. Business and Professions Code)
Publish: ES Mountain Views News
May 22, 29, Jun 5, 12, 2021
FICTITIOUS BUSINESS NAME STATEMENT FILE NO. 2021111529
The following person(s) is (are) doing business as: EAZETT ENTERPRISES. 3400 AVENUE OF THE ARTS #E215, COSTA MESA, CA 92626. Full name of registrant(s) is (are) JAMES WRIGHT, III 3400 AVENUE OF THE ARTS #E215, COSTA MESA, CA 92626. This Business is conducted by AN INDIVIDUAL. Signed: JAMES WRIGHT, III, OWNER. This statement was filed with the County Clerk of Los Angeles County on 05/14/2021. The registrant(s) has (have) commenced to transact business under the fictitious business name or names listed above on N/A. NOTICE- This Fictitious Name Statement expires five years from the date it was filed in the office of the County Clerk. A new Fictitious Business Name Statement must be filed prior to that date. The filing of this statement does not of itself authorize the use in this state of a Fictitious Business Name in violation of the rights of another under Federal, State, or common law (See section 14411 et seq. Business and Professions Code)
Publish: ES Mountain Views News
May 22, 29, Jun 5, 12, 2021
FICTITIOUS BUSINESS NAME STATEMENT FILE NO. 2021111552
The following person(s) is (are) doing business as: DE LA O CONSULTING. 2334 SULLIVAN, IRVINE, CA 92614. Full name of registrant(s) is (are) RAQUEL ITZEL DE LA O 2334 SULLIVAN, IRVINE, CA 92614. This Business is conducted by AN INDIVIDUAL. Signed: RAQUEL ITZEL DE LA O, OWNER. This statement was filed with the County Clerk of Los Angeles County on 05/14/2021. The registrant(s) has (have) commenced to transact business under the fictitious business name or names listed above on N/A. NOTICE- This Fictitious Name Statement expires five years from the date it was filed in the office of the County Clerk. A new Fictitious Business Name Statement must be filed prior to that date. The filing of this statement does not of itself authorize the use in this state of a Fictitious Business Name in violation of the rights of another under Federal, State, or common law (See section 14411 et seq. Business and Professions Code)
Publish: ES Mountain Views News
May 22, 29, Jun 5, 12, 2021
FICTITIOUS BUSINESS NAME STATEMENT FILE NO. 2021112012
The following person(s) is (are) doing business as: ORION AUTO BODY. 8457 SAN FERNANDO RD SUITE D, SUN VALLEY, CA 91352. Full name of registrant(s) is (are) PAL ENTERPRISE, INC 8457 SAN FERNANDO RD SUITE D, SUN VALLEY, CA 91352. This Business is conducted by A CORPORATION. Signed: PAL ENTERPRISE, INC., ADAM TER-ZAKARYAN, CEO. This statement was filed with the County Clerk of Los Angeles County on 05/17/2021. The registrant(s) has (have) commenced to transact business under the fictitious business name or names listed above on 03/2012. NOTICE- This Fictitious Name Statement expires five years from the date it was filed in the office of the County Clerk. A new Fictitious Business Name Statement must be filed prior to that date. The filing of this statement does not of itself authorize the use in this state of a Fictitious Business Name in violation of the rights of another under Federal, State, or common law (See section 14411 et seq. Business and Professions Code)
Publish: ES Mountain Views News
May 22, 29, Jun 5, 12, 2021
FICTITIOUS BUSINESS NAME STATEMENT FILE NO. 2021112193
The following person(s) is (are) doing business as: SHIRZAD MUSIC. 17550 VENTURA BLVD SUITE 203, ENCINO, CA 91316. Full name of registrant(s) is (are) I CONCERT ENTERTAINMENT INC. 17550 VENTURA BLVD SUITE 203, ENCINO, CA 91316. This Business is conducted by A CORPORATION. Signed: I CONCERT ENTERTAINMENT INC., SHIRZAD MESRIGHI, CEO. This statement was filed with the County Clerk of Los Angeles County on 05/17/2021. The registrant(s) has (have) commenced to transact business under the fictitious business name or names listed above on N/A. NOTICE- This Fictitious Name Statement expires five years from the date it was filed in the office of the County Clerk. A new Fictitious Business Name Statement must be filed prior to that date. The filing of this statement does not of itself authorize the use in this state of a Fictitious Business Name in violation of the rights of another under Federal, State, or common law (See section 14411 et seq. Business and Professions Code)
Publish: ES Mountain Views News
May 22, 29, Jun 5, 12, 2021
FICTITIOUS BUSINESS NAME STATEMENT FILE NO. 2021112207
The following person(s) is (are) doing business as: I CONCERT ENTERTAINMENT 17550 VENTURA BLVD SUITE 203, ENCINO, CA 91316. Full name of registrant(s) is (are) I CONCERT ENTERTAINMENT INC. 17530 VENTURA BLVD SUITE 203, ENCINO, CA 91316. This Business is conducted by A CORPORATION. Signed: I CONCERT ENTERTAINMENT INC., SHIRZAD MESRIGHI, CEO. This statement was filed with the County Clerk of Los Angeles County on 05/17/2021. The registrant(s) has (have) commenced to transact business under the fictitious business name or names listed above on 04/2012. NOTICE- This Fictitious Name Statement expires five years from the date it was filed in the office of the County Clerk. A new Fictitious Business Name Statement must be filed prior to that date. The filing of this statement does not of itself authorize the use in this state of a Fictitious Business Name in violation of the rights of another under Federal, State, or common law (See section 14411 et seq. Business and Professions Code)
Publish: ES Mountain Views News
May 22, 29, Jun 5, 12, 2021
FICTITIOUS BUSINESS NAME STATEMENT FILE NO. 2021103489
The following person(s) is (are) doing business as: AYUDA LEGAL SALVADOREÑA. 14690 RONCOE BLVD SUITE 9, PANORAMA CITY, CA 91402. Full name of registrant(s) is (are) CATALINA E AVARENGA DE PENA, 6313 SAXON AVE SAN GABRIEL, CA 91775. This Business is conducted by AN INDIVIDUAL. Signed: CATALINA E AVARENGA DE PENA, OWNER. This statement was filed with the County Clerk of Los Angeles County on 05/04/2021. The registrant(s) has (have) commenced to transact business under the fictitious business name or names listed above on N/A.
Publish: ES Mountain Views News
May 22, 29, Jun 5, 12, 2021
FICTITIOUS BUSINESS NAME STATEMENT FILE NO. 2021102487
The following person(s) is (are) doing business as: AYUDA LEGAL SALVADOREÑA. 1605 W OLYMPIC BLVD SUITE 1040, LOS ANGELES, CA 90015. Full name of registrant(s) is (are) CATALINA E AVARENGA DE PENA, 631 E SAXON AVE, SAN GABRIEL, CA 91775. This Business is conducted by AN INDIVIDUAL. Signed: CATALINA E AVARENGA DE PENA, OWNER. This statement was filed with the County Clerk of Los Angeles County on 05/04/2021.
Publish: ES Mountain Views News
May 22, 29, Jun 5, 12, 2021
FICTITIOUS BUSINESS NAME STATEMENT FILE NO. 2021103485
The following person(s) is (are) doing business as: AG CLOTHING COMPANY. 3521 9TH AVE LOS ANGELES, CA 90018. Full name of registrant(s) is (are) MARIBEL MAGAÑA GODOY RIVERA 3521 9TH AVE LOS ANGELES, CA 90018. NAYDRA ZULEMA GODOY RIVERA 3521 9TH AVE LOS ANGELES, CA 90018. This Business is conducted by A GENERAL PARTNERSHIP. Signed: NAYDRA ZULEMA GODOY RIVERA, PARTNER. This statement was filed with the County Clerk of Los Angeles County on 05/04/2021.
Publish: ES Mountain Views News
May 22, 29, Jun 5, 12, 2021
Mountain Views News 80 W Sierra Madre Blvd., No. 327 Sierra Madre, Ca. 91024 Office: 626.355.2737 Fax: 626.609.3285 Email: editor@mtnviewsnews.com Website: www.mtnviewsnews.com
